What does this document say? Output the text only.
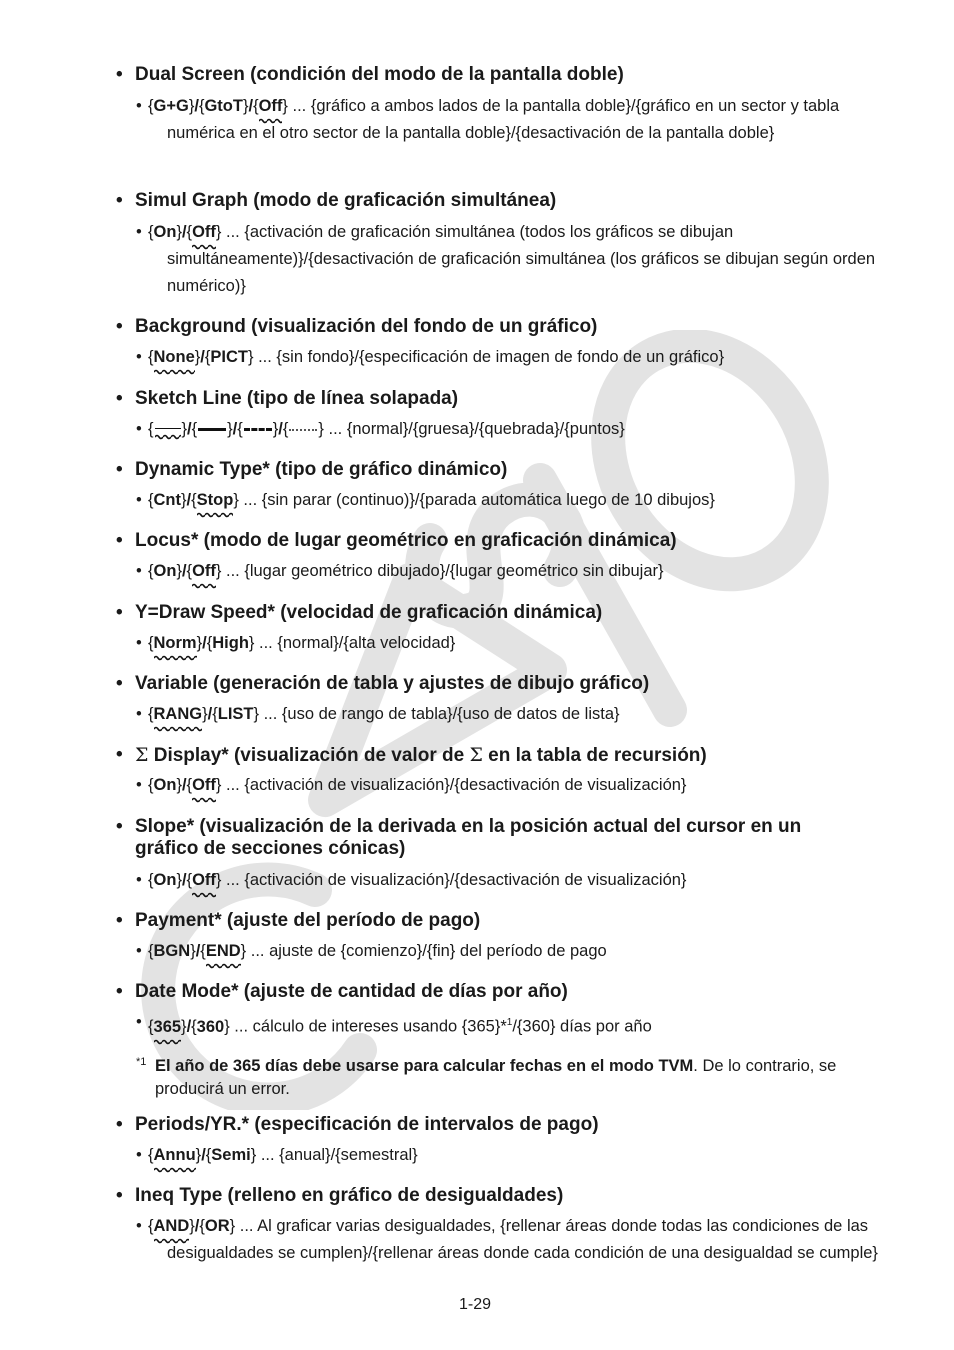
• Dual Screen (condición del modo de la pantalla doble)
• {G+G}/{GtoT}/{Off} ... {gráfico a ambos lados de la pantalla doble}/{gráfico en un sector y tabla numérica en el otro sector de la pantalla doble}/{desactivación de la pantalla doble}
• Simul Graph (modo de graficación simultánea)
• {On}/{Off} ... {activación de graficación simultánea (todos los gráficos se dibujan simultáneamente)}/{desactivación de graficación simultánea (los gráficos se dibujan según orden numérico)}
• Background (visualización del fondo de un gráfico)
• {None}/{PICT} ... {sin fondo}/{especificación de imagen de fondo de un gráfico}
• Sketch Line (tipo de línea solapada)
• { }/{ }/{ }/{ } ... {normal}/{gruesa}/{quebrada}/{puntos}
• Dynamic Type* (tipo de gráfico dinámico)
• {Cnt}/{Stop} ... {sin parar (continuo)}/{parada automática luego de 10 dibujos}
• Locus* (modo de lugar geométrico en graficación dinámica)
• {On}/{Off} ... {lugar geométrico dibujado}/{lugar geométrico sin dibujar}
• Y=Draw Speed* (velocidad de graficación dinámica)
• {Norm}/{High} ... {normal}/{alta velocidad}
• Variable (generación de tabla y ajustes de dibujo gráfico)
• {RANG}/{LIST} ... {uso de rango de tabla}/{uso de datos de lista}
• Σ Display* (visualización de valor de Σ en la tabla de recursión)
• {On}/{Off} ... {activación de visualización}/{desactivación de visualización}
• Slope* (visualización de la derivada en la posición actual del cursor en un gráfico de secciones cónicas)
• {On}/{Off} ... {activación de visualización}/{desactivación de visualización}
• Payment* (ajuste del período de pago)
• {BGN}/{END} ... ajuste de {comienzo}/{fin} del período de pago
• Date Mode* (ajuste de cantidad de días por año)
• {365}/{360} ... cálculo de intereses usando {365}*$^1$/{360} días por año
• Periods/YR.* (especificación de intervalos de pago)
• {Annu}/{Semi} ... {anual}/{semestral}
• Ineq Type (relleno en gráfico de desigualdades)
• {AND}/{OR} ... Al graficar varias desigualdades, {rellenar áreas donde todas las condiciones de las desigualdades se cumplen}/{rellenar áreas donde cada condición de una desigualdad se cumple}
*1 El año de 365 días debe usarse para calcular fechas en el modo TVM. De lo contrario, se producirá un error.
1-29
